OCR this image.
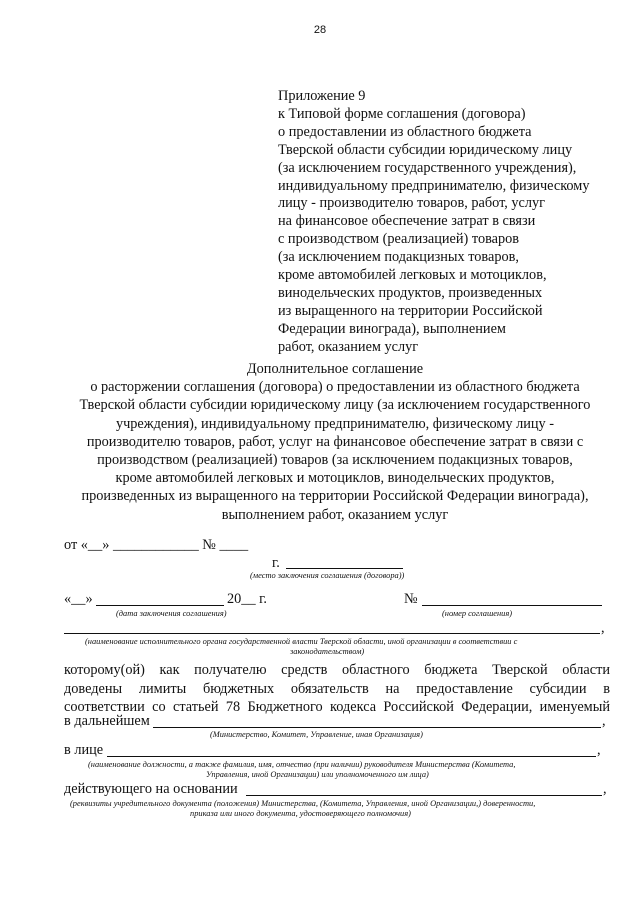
28
Приложение 9
к Типовой форме соглашения (договора)
о предоставлении из областного бюджета
Тверской области субсидии юридическому лицу
(за исключением государственного учреждения),
индивидуальному предпринимателю, физическому
лицу - производителю товаров, работ, услуг
на финансовое обеспечение затрат в связи
с производством (реализацией) товаров
(за исключением подакцизных товаров,
кроме автомобилей легковых и мотоциклов,
винодельческих продуктов, произведенных
из выращенного на территории Российской
Федерации винограда), выполнением
работ, оказанием услуг
Дополнительное соглашение
о расторжении соглашения (договора) о предоставлении из областного бюджета
Тверской области субсидии юридическому лицу (за исключением государственного
учреждения), индивидуальному предпринимателю, физическому лицу -
производителю товаров, работ, услуг на финансовое обеспечение затрат в связи с
производством (реализацией) товаров (за исключением подакцизных товаров,
кроме автомобилей легковых и мотоциклов, винодельческих продуктов,
произведенных из выращенного на территории Российской Федерации винограда),
выполнением работ, оказанием услуг
от «__» ____________ № ____
г.
(место заключения соглашения (договора))
«__»	20__ г.
(дата заключения соглашения)
№
(номер соглашения)
,
(наименование исполнительного органа государственной власти Тверской области, иной организации в соответствии с
законодательством)
которому(ой) как получателю средств областного бюджета Тверской области
доведены лимиты бюджетных обязательств на предоставление субсидии в
соответствии со статьей 78 Бюджетного кодекса Российской Федерации, именуемый
в дальнейшем	,
(Министерство, Комитет, Управление, иная Организация)
в лице	,
(наименование должности, а также фамилия, имя, отчество (при наличии) руководителя Министерства (Комитета,
Управления, иной Организации) или уполномоченного им лица)
действующего на основании	,
(реквизиты учредительного документа (положения) Министерства, (Комитета, Управления, иной Организации,) доверенности,
приказа или иного документа, удостоверяющего полномочия)
